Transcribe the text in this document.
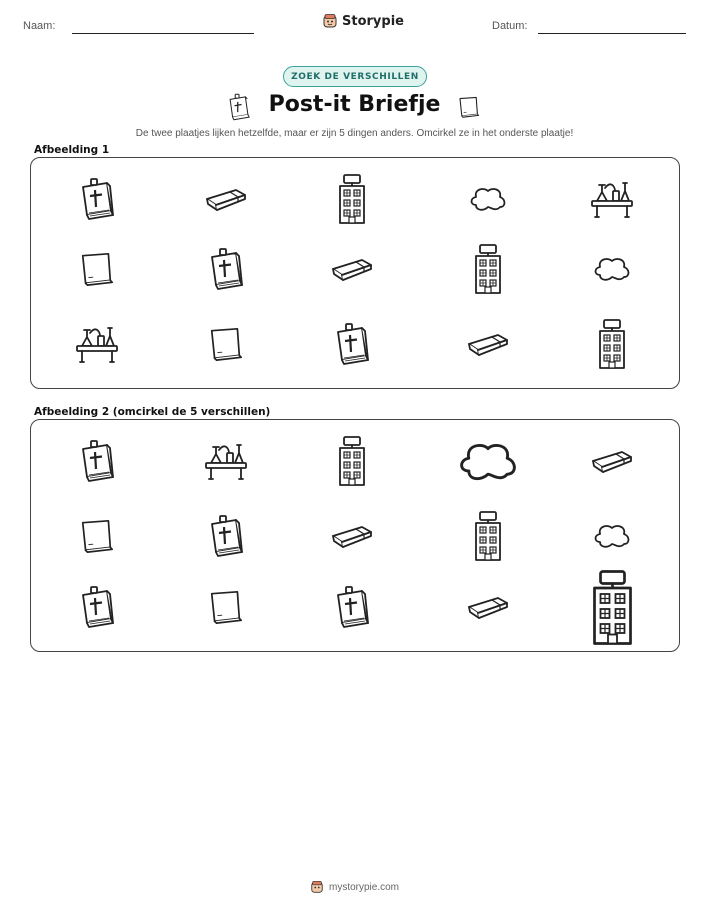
Naam:	Storypie	Datum:
ZOEK DE VERSCHILLEN
Post-it Briefje
De twee plaatjes lijken hetzelfde, maar er zijn 5 dingen anders. Omcirkel ze in het onderste plaatje!
Afbeelding 1
Afbeelding 2 (omcirkel de 5 verschillen)
mystorypie.com
